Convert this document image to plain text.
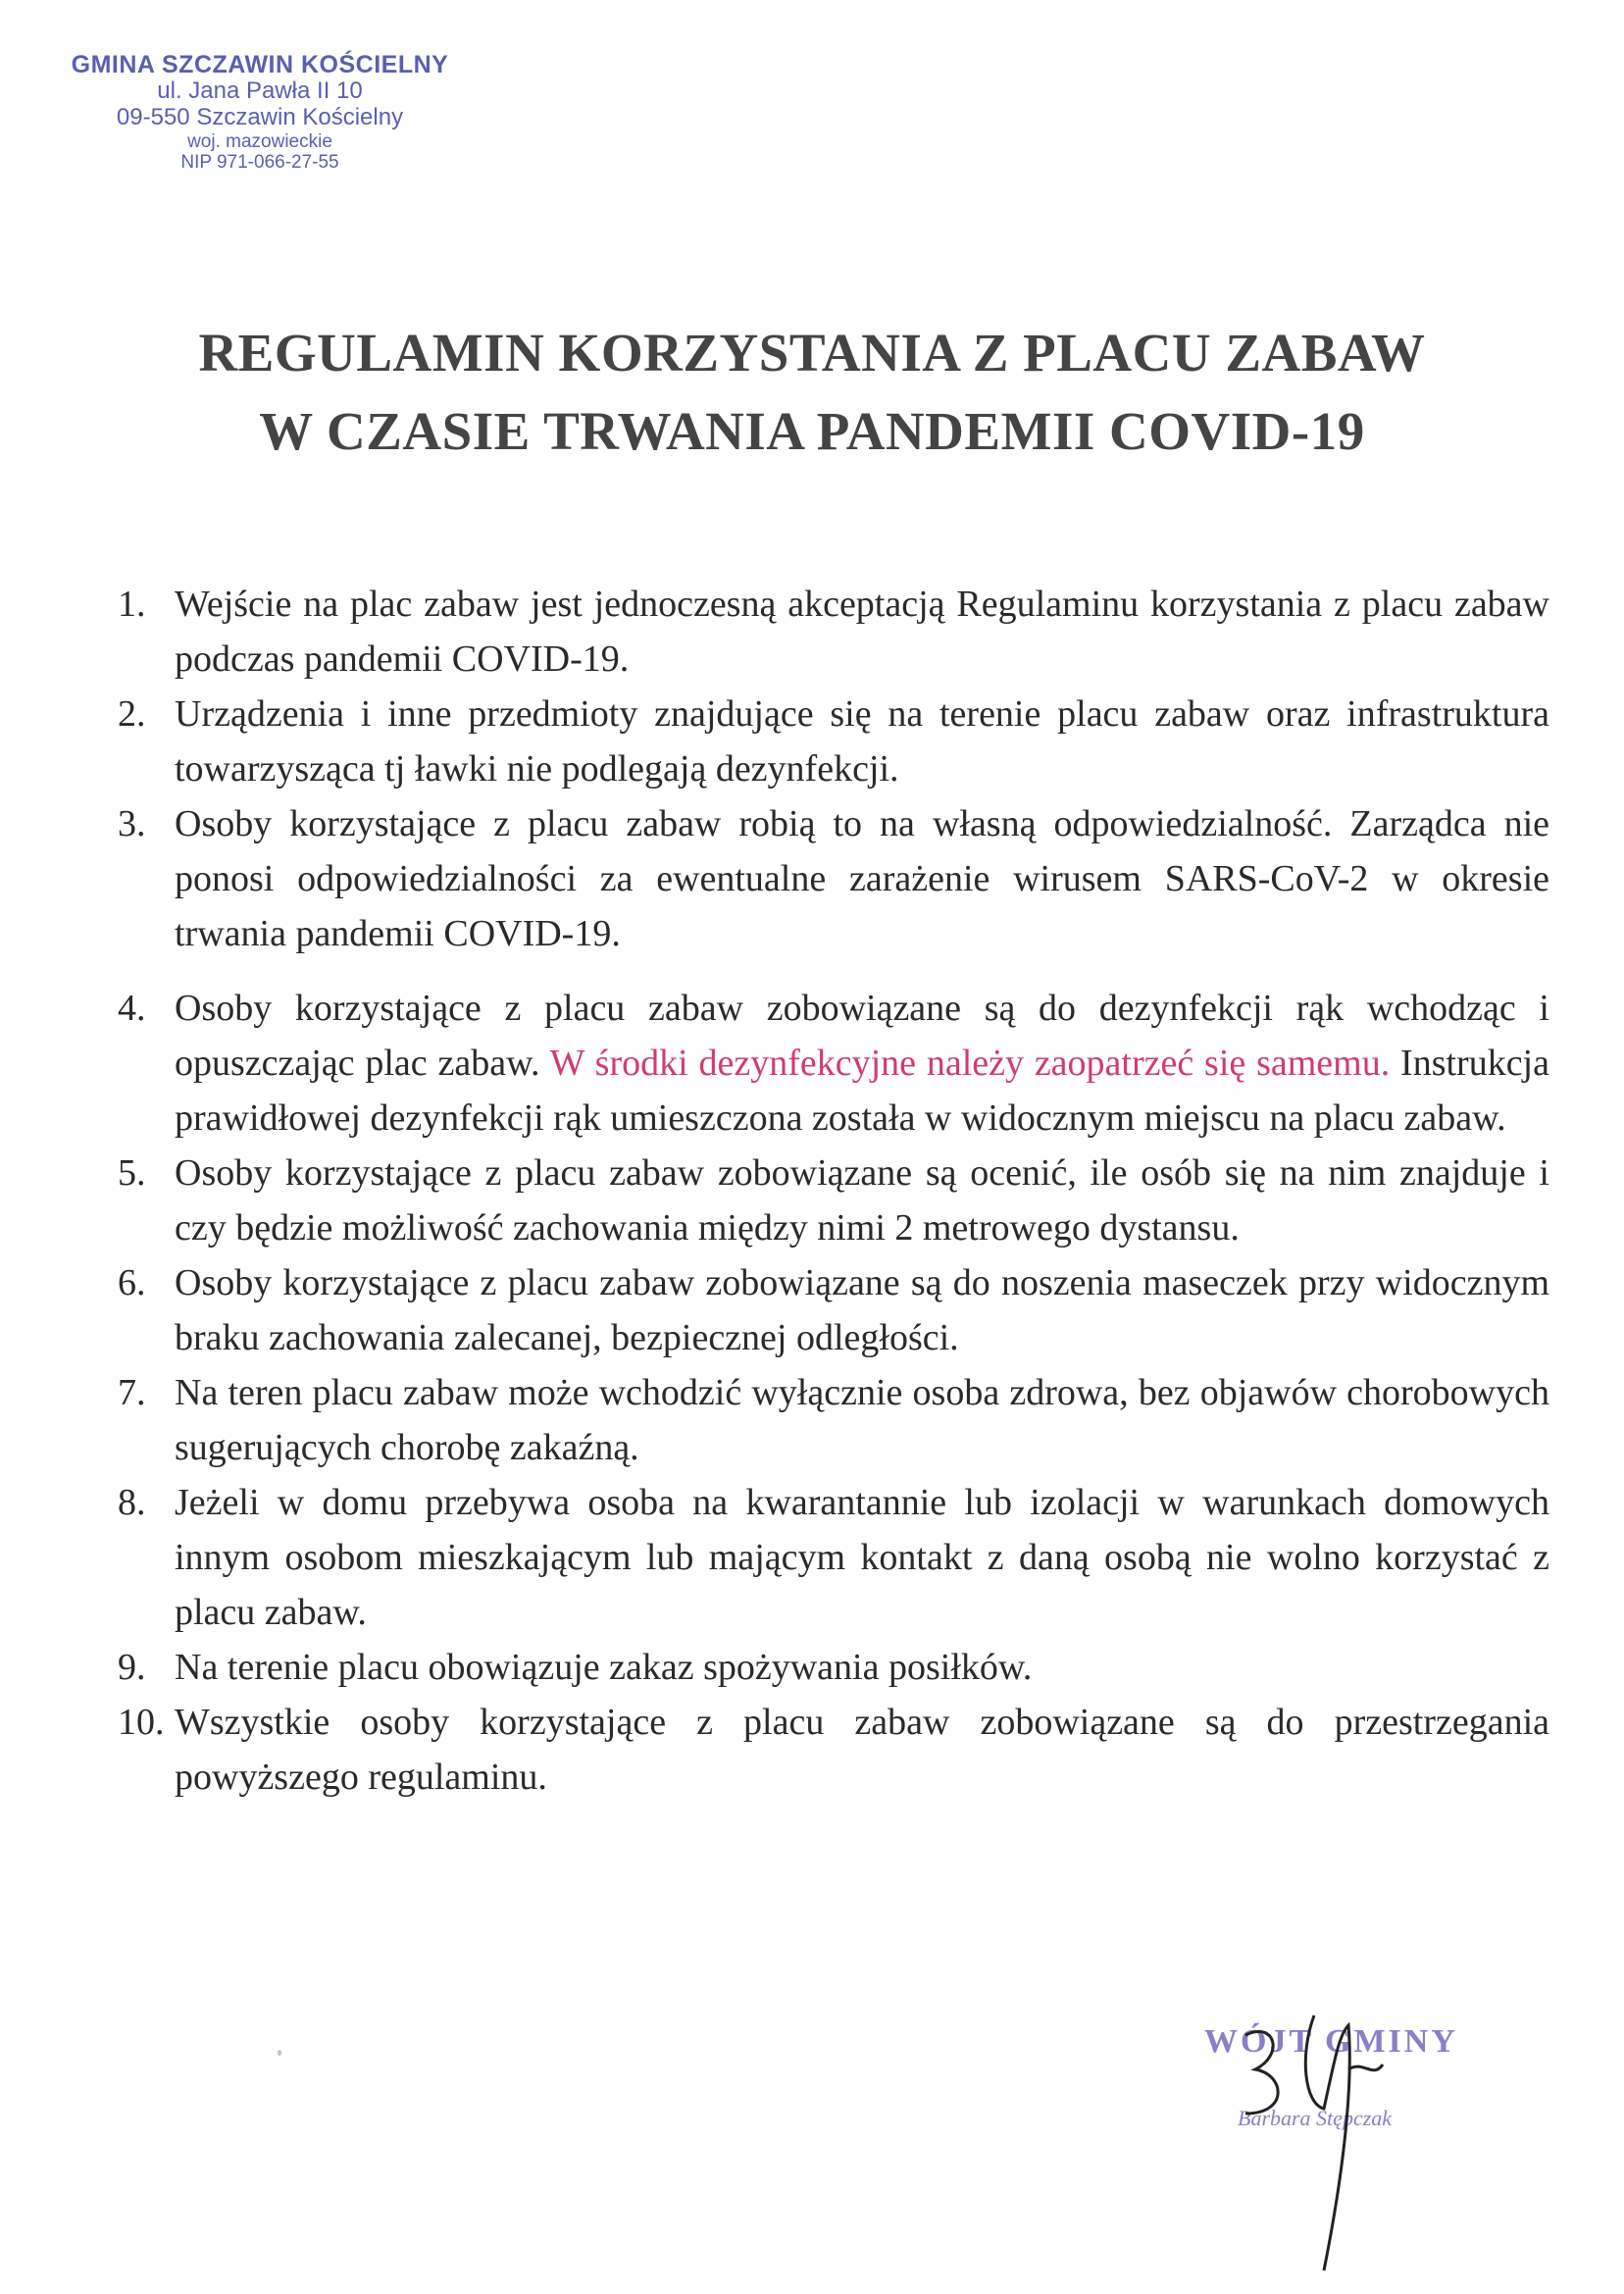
GMINA SZCZAWIN KOŚCIELNY
ul. Jana Pawła II 10
09-550 Szczawin Kościelny
woj. mazowieckie
NIP 971-066-27-55
REGULAMIN KORZYSTANIA Z PLACU ZABAW
W CZASIE TRWANIA PANDEMII COVID-19
1. Wejście na plac zabaw jest jednoczesną akceptacją Regulaminu korzystania z placu zabaw podczas pandemii COVID-19.
2. Urządzenia i inne przedmioty znajdujące się na terenie placu zabaw oraz infrastruktura towarzysząca tj ławki nie podlegają dezynfekcji.
3. Osoby korzystające z placu zabaw robią to na własną odpowiedzialność. Zarządca nie ponosi odpowiedzialności za ewentualne zarażenie wirusem SARS-CoV-2 w okresie trwania pandemii COVID-19.
4. Osoby korzystające z placu zabaw zobowiązane są do dezynfekcji rąk wchodząc i opuszczając plac zabaw. W środki dezynfekcyjne należy zaopatrzeć się samemu. Instrukcja prawidłowej dezynfekcji rąk umieszczona została w widocznym miejscu na placu zabaw.
5. Osoby korzystające z placu zabaw zobowiązane są ocenić, ile osób się na nim znajduje i czy będzie możliwość zachowania między nimi 2 metrowego dystansu.
6. Osoby korzystające z placu zabaw zobowiązane są do noszenia maseczek przy widocznym braku zachowania zalecanej, bezpiecznej odległości.
7. Na teren placu zabaw może wchodzić wyłącznie osoba zdrowa, bez objawów chorobowych sugerujących chorobę zakaźną.
8. Jeżeli w domu przebywa osoba na kwarantannie lub izolacji w warunkach domowych innym osobom mieszkającym lub mającym kontakt z daną osobą nie wolno korzystać z placu zabaw.
9. Na terenie placu obowiązuje zakaz spożywania posiłków.
10. Wszystkie osoby korzystające z placu zabaw zobowiązane są do przestrzegania powyższego regulaminu.
WÓJT GMINY
Barbara Stępczak
